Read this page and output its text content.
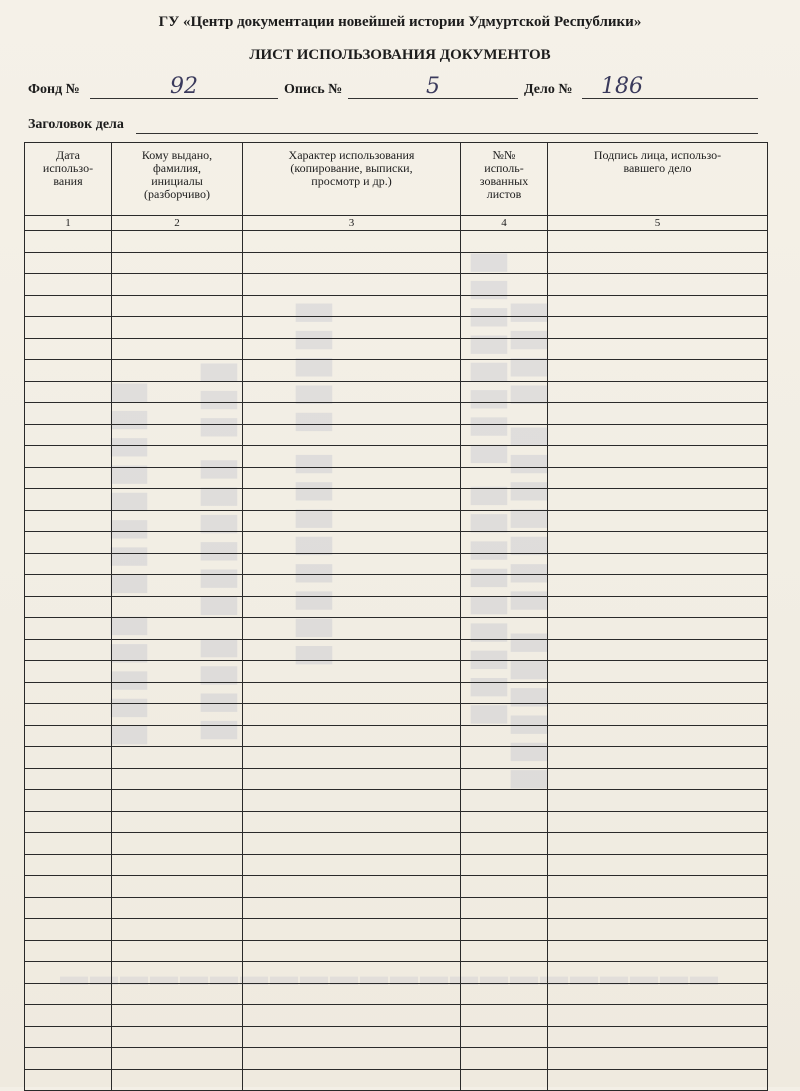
▮▮▮▮ ▮▮▮▮▮▮▮ ▮▮▮▮▮▮
▮▮▮▮▮▮▮▮ ▮▮▮▮▮▮▮▮▮
▮▮▮▮▮ ▮▮▮▮▮▮▮▮
▮▮▮ ▮▮▮▮▮▮ ▮▮▮▮
▮▮▮▮▮▮▮▮ ▮▮▮▮▮
▬▬▬▬▬▬▬▬▬▬▬▬▬▬▬▬▬▬▬▬▬▬
ГУ «Центр документации новейшей истории Удмуртской Республики»
ЛИСТ ИСПОЛЬЗОВАНИЯ ДОКУМЕНТОВ
Фонд №	92	Опись №	5	Дело №	186
Заголовок дела
Дата
использо-
вания	Кому выдано,
фамилия,
инициалы
(разборчиво)	Характер использования
(копирование, выписки,
просмотр и др.)	№№
исполь-
зованных
листов	Подпись лица, использо-
вавшего дело

1	2	3	4	5
